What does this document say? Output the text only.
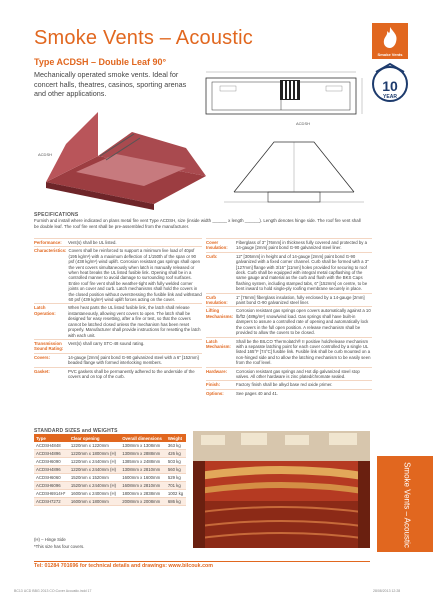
Smoke Vents – Acoustic
Type ACDSH – Double Leaf 90°
Mechanically operated smoke vents. Ideal for concert halls, theatres, casinos, sporting arenas and other applications.
Smoke Vents
10
YEAR
ACDSH
ACDSH
SPECIFICATIONS
Furnish and install where indicated on plans metal fire vent Type ACDSH, size (inside width ______ x length ______). Length denotes hinge side. The roof fire vent shall be double leaf. The roof fire vent shall be pre-assembled from the manufacturer.
Performance:	Vent(s) shall be UL listed.
Characteristics: Covers shall be reinforced to support a minimum live load of 40psf (195 kg/m²) with a maximum deflection of 1/150th of the span or 90 psf (438 kg/m²) wind uplift. Corrosion resistant gas springs shall open the vent covers simultaneously when latch is manually released or when heat breaks the UL listed fusible link. Opening shall be in a controlled manner to avoid damage to surrounding roof surfaces. Entire roof fire vent shall be weather-tight with fully welded corner joints on cover and curb. Latch mechanisms shall hold the covers in the closed position without overstressing the fusible link and withstand 60 psf (439 kg/m²) wind uplift forces acting on the cover.
Latch Operation:
When heat parts the UL listed fusible link, the latch shall release instantaneously, allowing vent covers to open. The latch shall be designed for easy resetting, after a fire or test, so that the covers cannot be latched closed unless the mechanism has been reset properly. Manufacturer shall provide instructions for resetting the latch with each unit.
Transmission Sound Rating:
Vent(s) shall carry STC-48 sound rating.
Covers:	14-gauge [2mm] paint bond G-90 galvanized steel with a 6" [152mm] beaded flange with formed interlocking members.
Gasket:	PVC gaskets shall be permanently adhered to the underside of the covers and on top of the curb.
Cover Insulation:
Fiberglass of 3" [76mm] in thickness fully covered and protected by a 14-gauge [2mm] paint bond G-90 galvanized steel liner.
Curb:	12" [305mm] in height and of 14-gauge [2mm] paint bond G-90 galvanized with a fixed corner channel. Curb shall be formed with a 3" [127mm] flange with 3/16" [11mm] holes provided for securing to roof deck. Curb shall be equipped with integral metal capflashing of the same gauge and material as the curb and flush with the BKS Caps flashing system, including stamped tabs, 6" [152mm] on centre, to be bent inward to hold single-ply roofing membrane securely in place.
Curb Insulation:
1" [76mm] fiberglass insulation, fully enclosed by a 14-gauge [2mm] paint bond G-90 galvanized steel liner.
Lifting Mechanisms:
Corrosion resistant gas springs open covers automatically against a 10 lb/ft2 (489g/m²) snow/wind load. Gas springs shall have built-in dampers to assure a controlled rate of opening and automatically lock the covers in the full open position. A release mechanism shall be provided to allow the covers to be closed.
Latch Mechanism:
Shall be the BILCO Thermolatch® II positive hold/release mechanism with a separate latching point for each cover controlled by a single UL listed 165°F [74°C] fusible link. Fusible link shall be curb mounted on a non-hinged side and to allow the latching mechanism to be easily seen from the roof level.
Hardware:	Corrosion resistant gas springs and Hot dip galvanized steel stop valves. All other hardware is zinc plated/chromate sealed.
Finish:	Factory finish shall be alkyd base red oxide primer.
Options:	See pages 40 and 41.
STANDARD SIZES and WEIGHTS
Type	Clear opening	Overall dimensions	Weight
ACDSH4848	1220mm x 1220mm	1308mm x 1308mm	363 kg
ACDSH4896	1220mm x 1800mm (H)	1308mm x 2888mm	426 kg
ACDSH6090	1220mm x 2440mm (H)	1385mm x 2488mm	503 kg
ACDSH4896	1220mm x 2440mm (H)	1308mm x 2810mm	560 kg
ACDSH6060	1520mm x 1520mm	1600mm x 1600mm	529 kg
ACDSH6096	1520mm x 2440mm (H)	1608mm x 2810mm	701 kg
ACDSH6914H*	1600mm x 2400mm (H)	1800mm x 2838mm	1002 kg
ACDSH7272	1600mm x 1800mm	2008mm x 2008mm	686 kg
(H) – Hinge Side
*This size has four covers.	Smoke Vents – Acoustic
Tel: 01284 701696 for technical details and drawings: www.bilcouk.com
BC13 UCD BBG 2013 CO:Cover Acoustic.indd 17	28/08/2013 12:28
